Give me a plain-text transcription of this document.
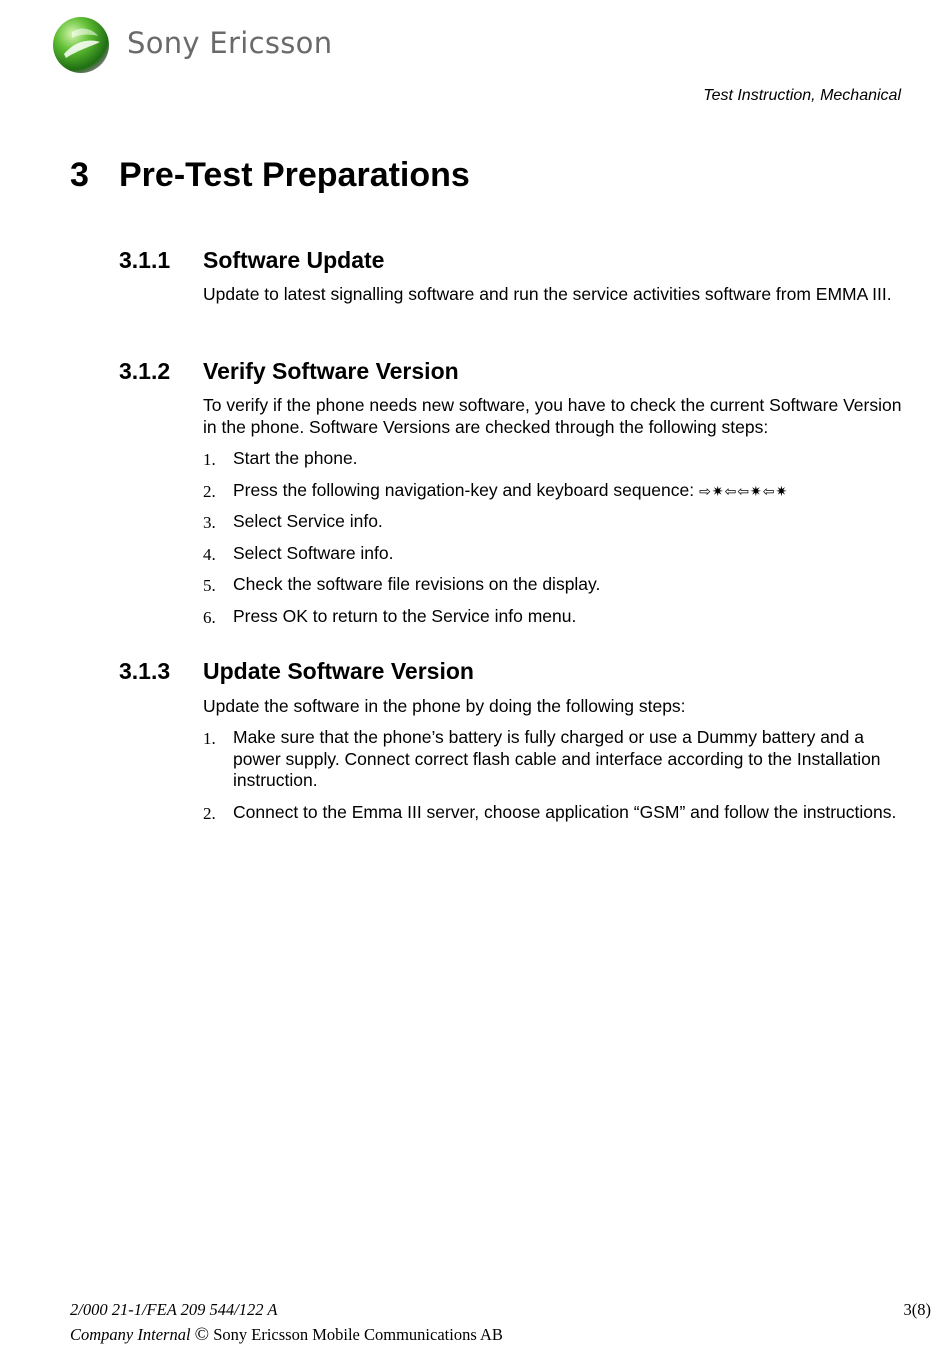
Sony Ericsson
Test Instruction, Mechanical
3 Pre-Test Preparations
3.1.1 Software Update

Update to latest signalling software and run the service activities software from EMMA III.

3.1.2 Verify Software Version

To verify if the phone needs new software, you have to check the current Software Version in the phone. Software Versions are checked through the following steps:

1. Start the phone.
2. Press the following navigation-key and keyboard sequence: ⇨✷⇦⇦✷⇦✷
3. Select Service info.
4. Select Software info.
5. Check the software file revisions on the display.
6. Press OK to return to the Service info menu.
3.1.3 Update Software Version

Update the software in the phone by doing the following steps:

1. Make sure that the phone’s battery is fully charged or use a Dummy battery and a power supply. Connect correct flash cable and interface according to the Installation instruction.
2. Connect to the Emma III server, choose application “GSM” and follow the instructions.
2/000 21-1/FEA 209 544/122 A	3(8)
Company Internal © Sony Ericsson Mobile Communications AB
